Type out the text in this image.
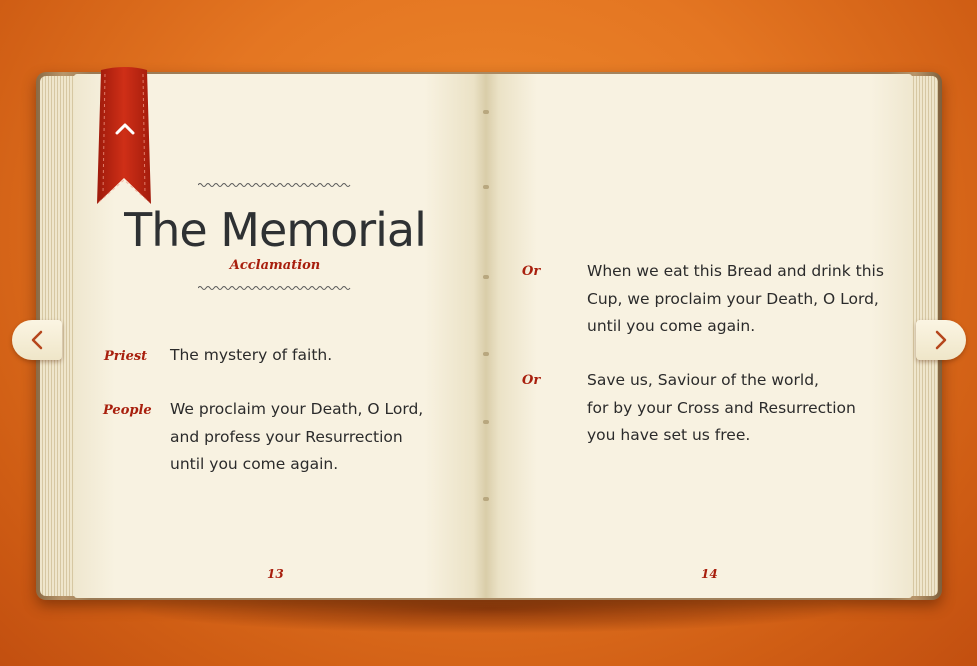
The Memorial
Acclamation
Priest The mystery of faith.
People We proclaim your Death, O Lord,
and profess your Resurrection
until you come again.
13
Or	When we eat this Bread and drink this
Cup, we proclaim your Death, O Lord,
until you come again.
Or	Save us, Saviour of the world,
for by your Cross and Resurrection
you have set us free.
14
